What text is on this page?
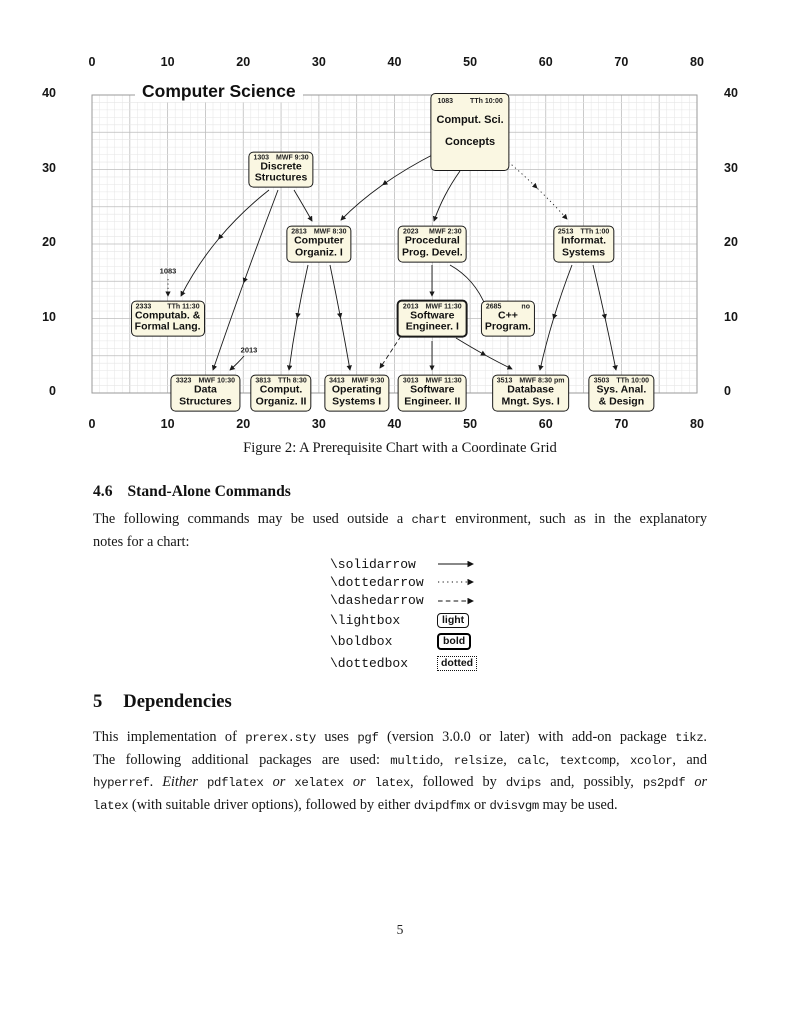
Computer Science
1083 TTh 10:00
Comput. Sci.
Concepts
1303 MWF 9:30
Discrete
Structures
2813 MWF 8:30
Computer
Organiz. I
2023 MWF 2:30
Procedural
Prog. Devel.
2513 TTh 1:00
Informat.
Systems
2333 TTh 11:30
Computab. &
Formal Lang.
2013 MWF 11:30
Software
Engineer. I
2685	no
C++
Program.
3323 MWF 10:30
Data
Structures
3813 TTh 8:30
Comput.
Organiz. II
3413 MWF 9:30
Operating
Systems I
3013 MWF 11:30
Software
Engineer. II
3513 MWF 8:30 pm
Database
Mngt. Sys. I
3503 TTh 10:00
Sys. Anal.
& Design
1083
2013
0
0
10
10
20
20
30
30
40
40
50
50
60
60
70
70
80
80
40	40
30	30
20	20
10	10
0	0
Figure 2: A Prerequisite Chart with a Coordinate Grid
4.6 Stand-Alone Commands
The following commands may be used outside a chart environment, such as in the explanatory
notes for a chart:
\solidarrow
\dottedarrow
\dashedarrow
\lightbox	light
\boldbox	bold
\dottedbox	dotted
5 Dependencies
This implementation of prerex.sty uses pgf (version 3.0.0 or later) with add-on package tikz.
The following additional packages are used: multido, relsize, calc, textcomp, xcolor, and
hyperref. Either pdflatex or xelatex or latex, followed by dvips and, possibly, ps2pdf or
latex (with suitable driver options), followed by either dvipdfmx or dvisvgm may be used.
5
